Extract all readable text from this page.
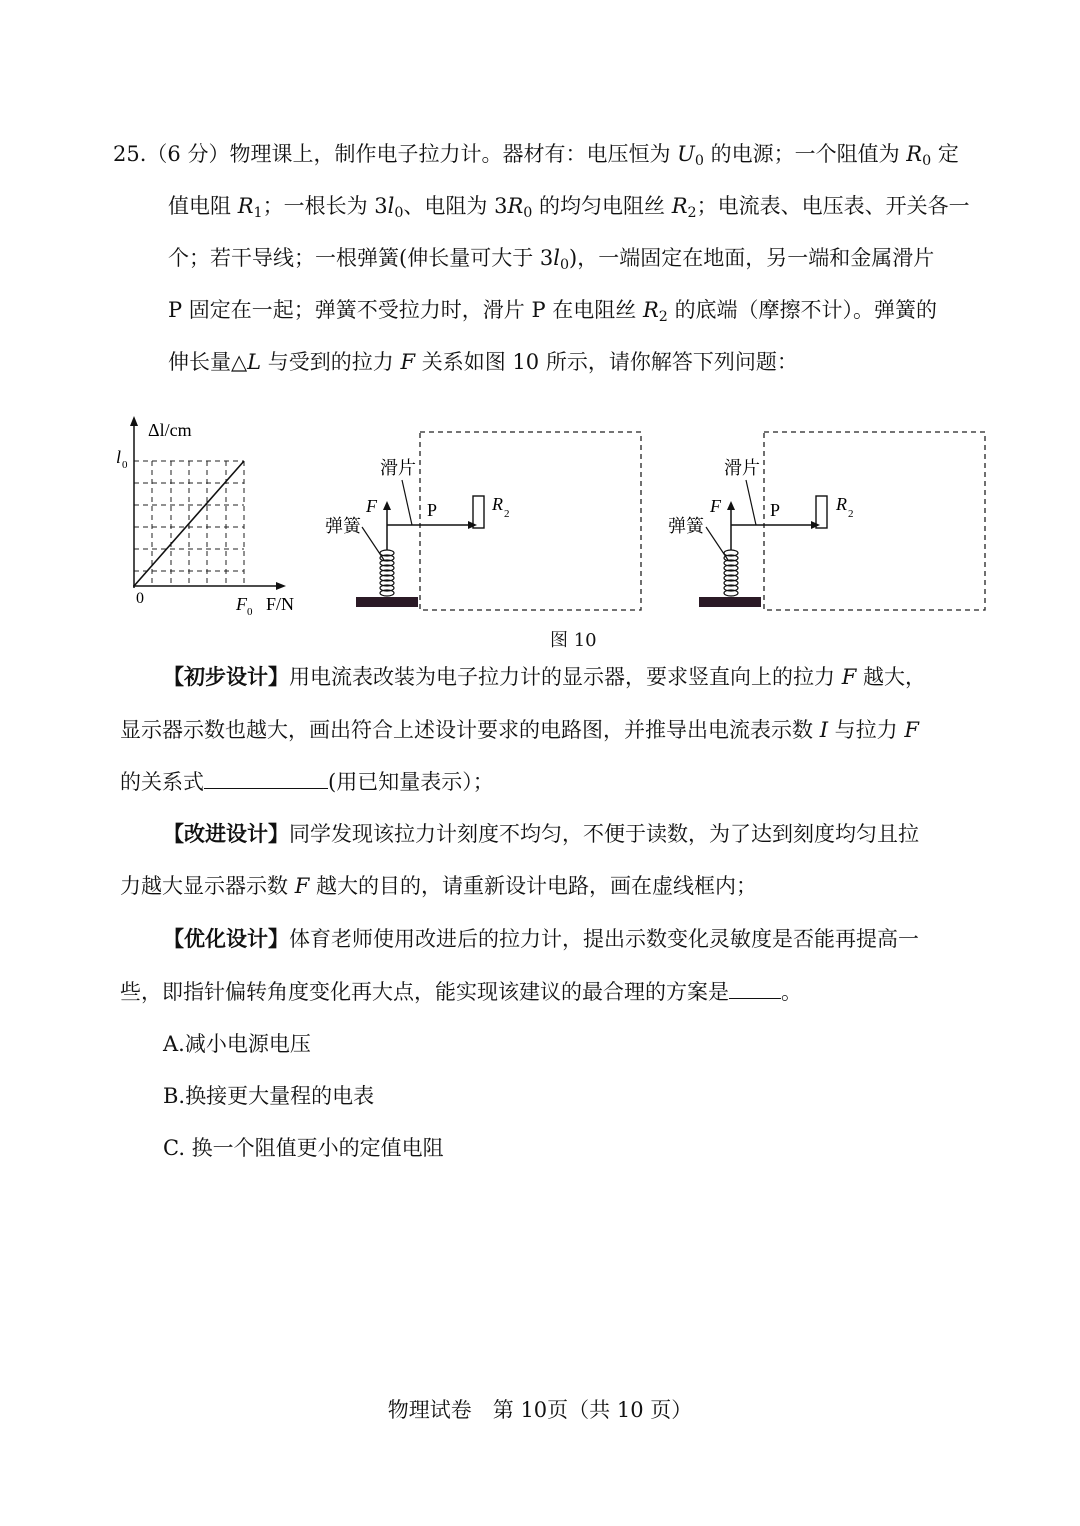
25.（6 分）物理课上，制作电子拉力计。器材有：电压恒为 $U_0$ 的电源；一个阻值为 $R_0$ 定
值电阻 $R_1$；一根长为 $3l_0$、电阻为 $3R_0$ 的均匀电阻丝 $R_2$；电流表、电压表、开关各一
个；若干导线；一根弹簧(伸长量可大于 $3l_0$)，一端固定在地面，另一端和金属滑片
P 固定在一起；弹簧不受拉力时，滑片 P 在电阻丝 $R_2$ 的底端（摩擦不计）。弹簧的
伸长量△L 与受到的拉力 F 关系如图 10 所示，请你解答下列问题：
Δl/cm
l 0
0	F 0 F/N
滑片
F	P	R 2
弹簧
滑片
F	P	R 2
弹簧
图 10
【初步设计】用电流表改装为电子拉力计的显示器，要求竖直向上的拉力 F 越大，
显示器示数也越大，画出符合上述设计要求的电路图，并推导出电流表示数 I 与拉力 F
的关系式	(用已知量表示）；
【改进设计】同学发现该拉力计刻度不均匀，不便于读数，为了达到刻度均匀且拉
力越大显示器示数 F 越大的目的，请重新设计电路，画在虚线框内；
【优化设计】体育老师使用改进后的拉力计，提出示数变化灵敏度是否能再提高一
些，即指针偏转角度变化再大点，能实现该建议的最合理的方案是 。
A.减小电源电压
B.换接更大量程的电表
C. 换一个阻值更小的定值电阻
物理试卷　第 10页（共 10 页）
